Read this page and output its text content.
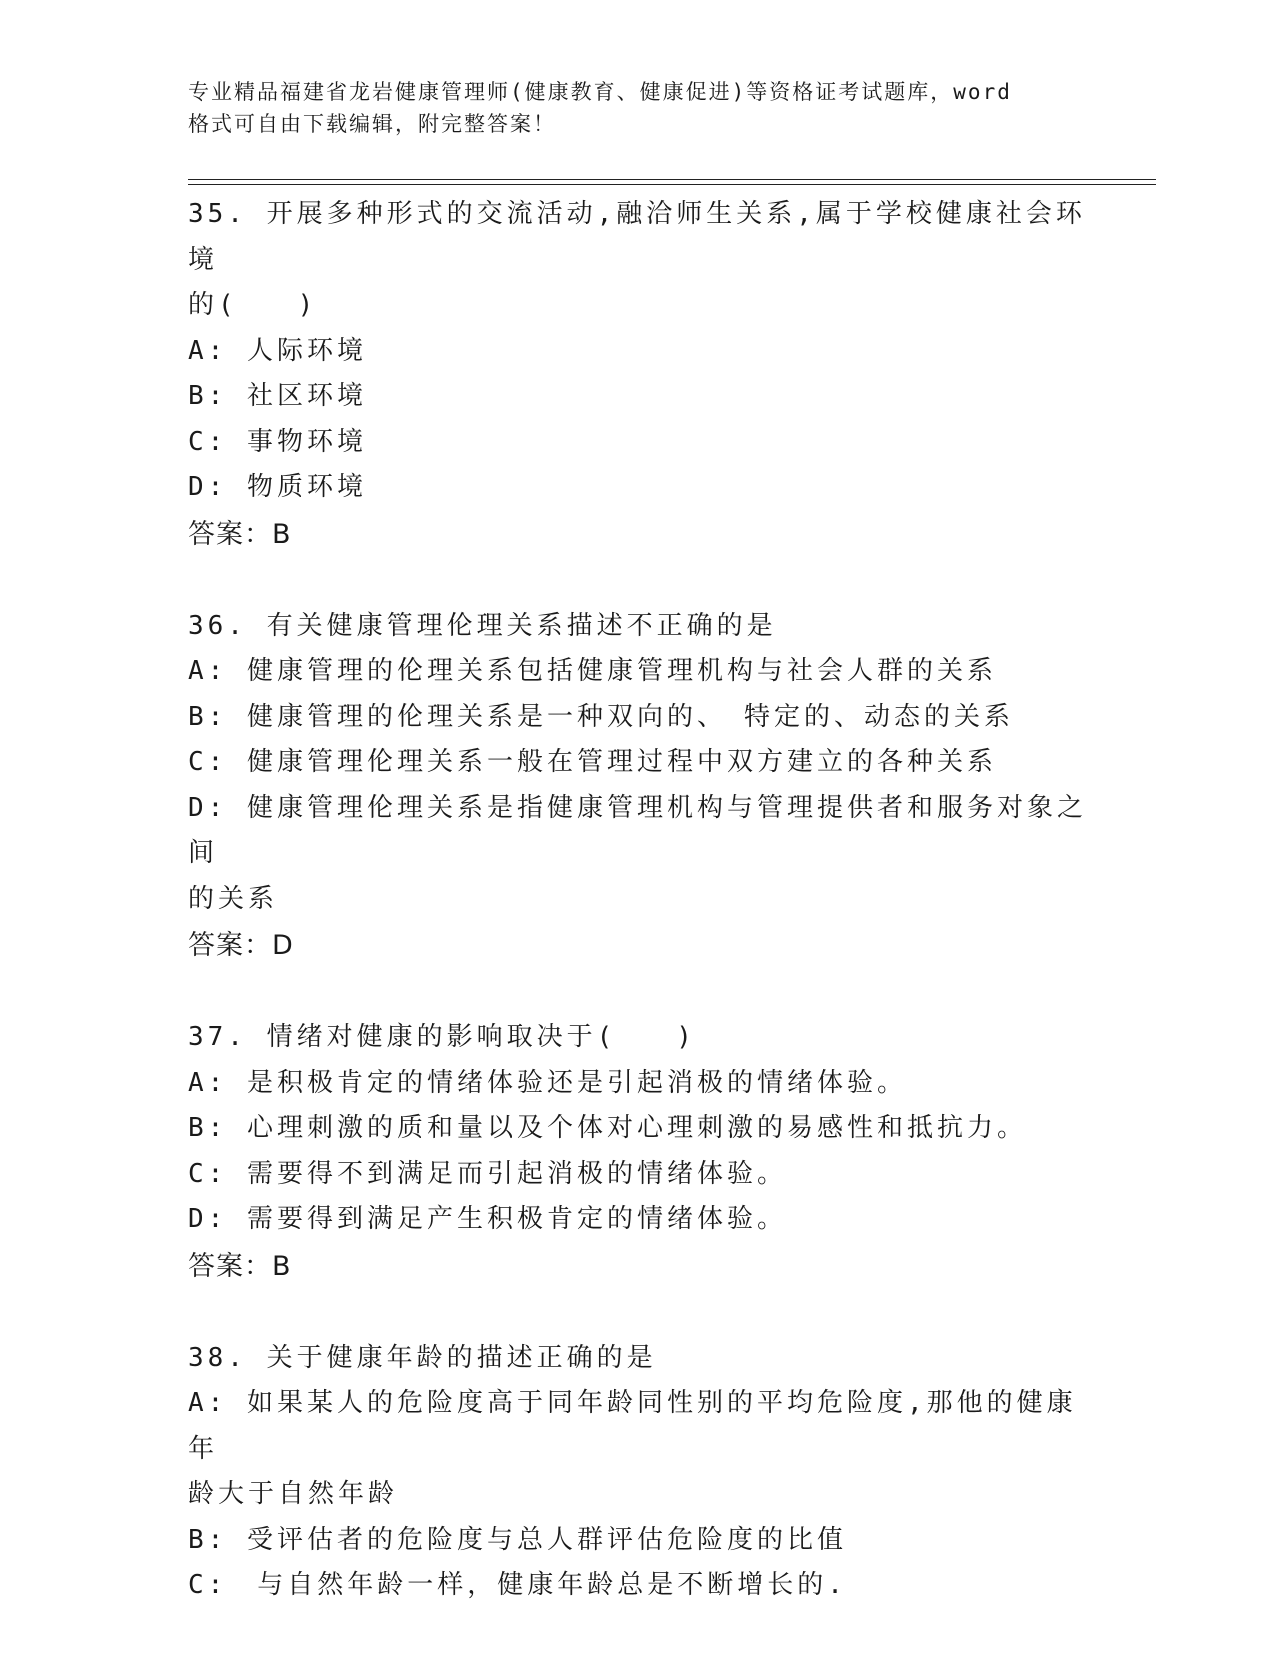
专业精品福建省龙岩健康管理师(健康教育、健康促进)等资格证考试题库，word
格式可自由下载编辑，附完整答案！
35. 开展多种形式的交流活动,融洽师生关系,属于学校健康社会环境
的(　　)
A: 人际环境
B: 社区环境
C: 事物环境
D: 物质环境
答案：B
36. 有关健康管理伦理关系描述不正确的是
A: 健康管理的伦理关系包括健康管理机构与社会人群的关系
B: 健康管理的伦理关系是一种双向的、　特定的、动态的关系
C: 健康管理伦理关系一般在管理过程中双方建立的各种关系
D: 健康管理伦理关系是指健康管理机构与管理提供者和服务对象之间
的关系
答案：D
37. 情绪对健康的影响取决于(　　)
A: 是积极肯定的情绪体验还是引起消极的情绪体验。
B: 心理刺激的质和量以及个体对心理刺激的易感性和抵抗力。
C: 需要得不到满足而引起消极的情绪体验。
D: 需要得到满足产生积极肯定的情绪体验。
答案：B
38. 关于健康年龄的描述正确的是
A: 如果某人的危险度高于同年龄同性别的平均危险度,那他的健康年
龄大于自然年龄
B: 受评估者的危险度与总人群评估危险度的比值
C:　与自然年龄一样，健康年龄总是不断增长的.
